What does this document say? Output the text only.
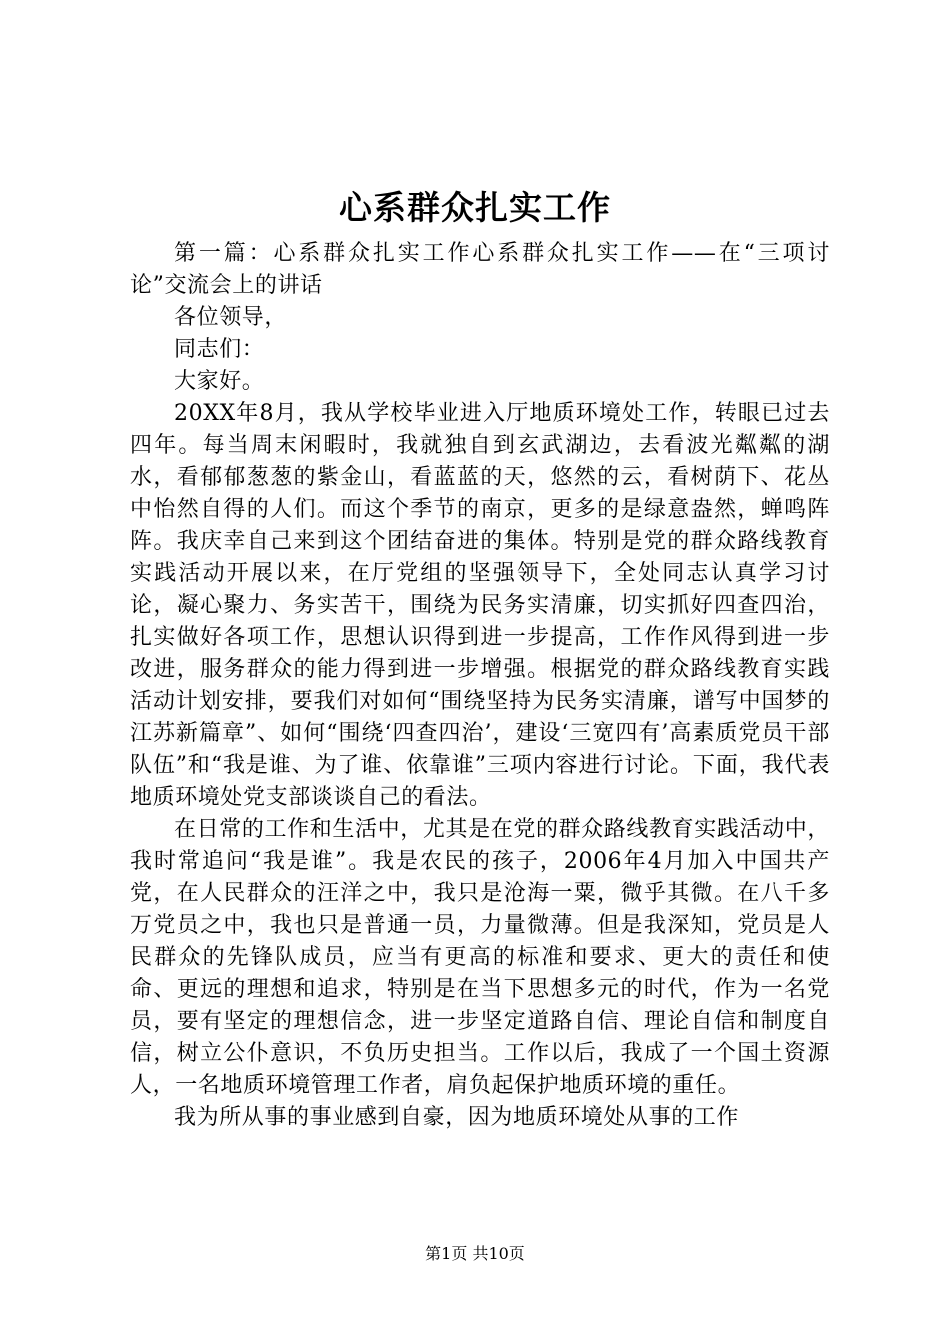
心系群众扎实工作

第一篇：心系群众扎实工作心系群众扎实工作——在“三项讨论”交流会上的讲话

各位领导，

同志们：

大家好。

20XX年8月，我从学校毕业进入厅地质环境处工作，转眼已过去四年。每当周末闲暇时，我就独自到玄武湖边，去看波光粼粼的湖水，看郁郁葱葱的紫金山，看蓝蓝的天，悠然的云，看树荫下、花丛中怡然自得的人们。而这个季节的南京，更多的是绿意盎然，蝉鸣阵阵。我庆幸自己来到这个团结奋进的集体。特别是党的群众路线教育实践活动开展以来，在厅党组的坚强领导下，全处同志认真学习讨论，凝心聚力、务实苦干，围绕为民务实清廉，切实抓好四查四治，扎实做好各项工作，思想认识得到进一步提高，工作作风得到进一步改进，服务群众的能力得到进一步增强。根据党的群众路线教育实践活动计划安排，要我们对如何“围绕坚持为民务实清廉，谱写中国梦的江苏新篇章”、如何“围绕‘四查四治’，建设‘三宽四有’高素质党员干部队伍”和“我是谁、为了谁、依靠谁”三项内容进行讨论。下面，我代表地质环境处党支部谈谈自己的看法。

在日常的工作和生活中，尤其是在党的群众路线教育实践活动中，我时常追问“我是谁”。我是农民的孩子，2006年4月加入中国共产党，在人民群众的汪洋之中，我只是沧海一粟，微乎其微。在八千多万党员之中，我也只是普通一员，力量微薄。但是我深知，党员是人民群众的先锋队成员，应当有更高的标准和要求、更大的责任和使命、更远的理想和追求，特别是在当下思想多元的时代，作为一名党员，要有坚定的理想信念，进一步坚定道路自信、理论自信和制度自信，树立公仆意识，不负历史担当。工作以后，我成了一个国土资源人，一名地质环境管理工作者，肩负起保护地质环境的重任。

我为所从事的事业感到自豪，因为地质环境处从事的工作

第1页 共10页
